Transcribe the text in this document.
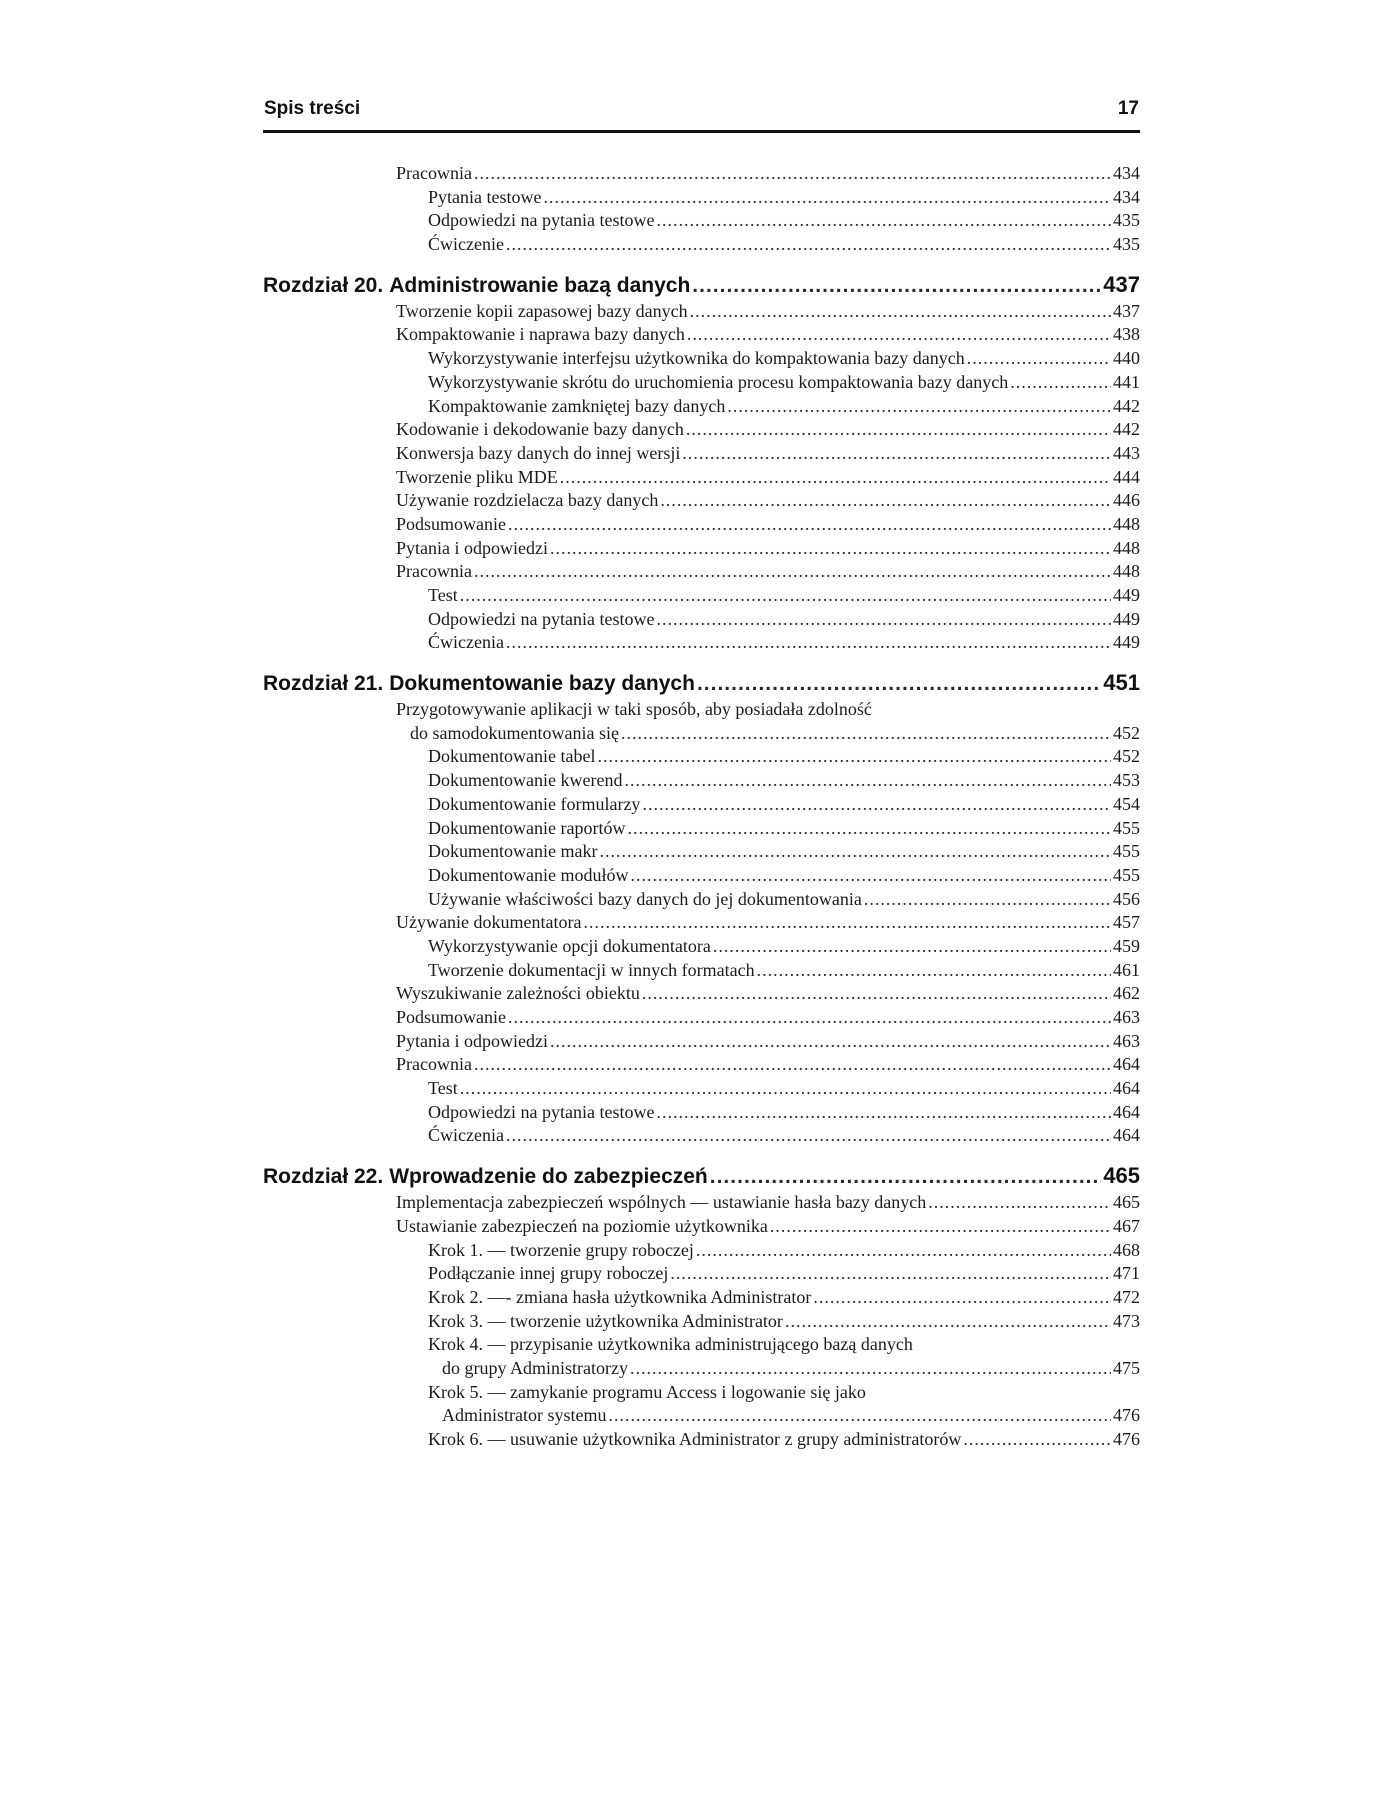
Spis treści	17
Pracownia .....	434
Pytania testowe .....	434
Odpowiedzi na pytania testowe .....	435
Ćwiczenie .....	435
Rozdział 20. Administrowanie bazą danych .....	437
Tworzenie kopii zapasowej bazy danych .....	437
Kompaktowanie i naprawa bazy danych .....	438
Wykorzystywanie interfejsu użytkownika do kompaktowania bazy danych .....	440
Wykorzystywanie skrótu do uruchomienia procesu kompaktowania bazy danych .....	441
Kompaktowanie zamkniętej bazy danych .....	442
Kodowanie i dekodowanie bazy danych .....	442
Konwersja bazy danych do innej wersji .....	443
Tworzenie pliku MDE .....	444
Używanie rozdzielacza bazy danych .....	446
Podsumowanie .....	448
Pytania i odpowiedzi .....	448
Pracownia .....	448
Test .....	449
Odpowiedzi na pytania testowe .....	449
Ćwiczenia .....	449
Rozdział 21. Dokumentowanie bazy danych .....	451
Przygotowywanie aplikacji w taki sposób, aby posiadała zdolność
do samodokumentowania się .....	452
Dokumentowanie tabel .....	452
Dokumentowanie kwerend .....	453
Dokumentowanie formularzy .....	454
Dokumentowanie raportów .....	455
Dokumentowanie makr .....	455
Dokumentowanie modułów .....	455
Używanie właściwości bazy danych do jej dokumentowania .....	456
Używanie dokumentatora .....	457
Wykorzystywanie opcji dokumentatora .....	459
Tworzenie dokumentacji w innych formatach .....	461
Wyszukiwanie zależności obiektu .....	462
Podsumowanie .....	463
Pytania i odpowiedzi .....	463
Pracownia .....	464
Test .....	464
Odpowiedzi na pytania testowe .....	464
Ćwiczenia .....	464
Rozdział 22. Wprowadzenie do zabezpieczeń .....	465
Implementacja zabezpieczeń wspólnych — ustawianie hasła bazy danych .....	465
Ustawianie zabezpieczeń na poziomie użytkownika .....	467
Krok 1. — tworzenie grupy roboczej .....	468
Podłączanie innej grupy roboczej .....	471
Krok 2. —- zmiana hasła użytkownika Administrator .....	472
Krok 3. — tworzenie użytkownika Administrator .....	473
Krok 4. — przypisanie użytkownika administrującego bazą danych
do grupy Administratorzy .....	475
Krok 5. — zamykanie programu Access i logowanie się jako
Administrator systemu .....	476
Krok 6. — usuwanie użytkownika Administrator z grupy administratorów .....	476
